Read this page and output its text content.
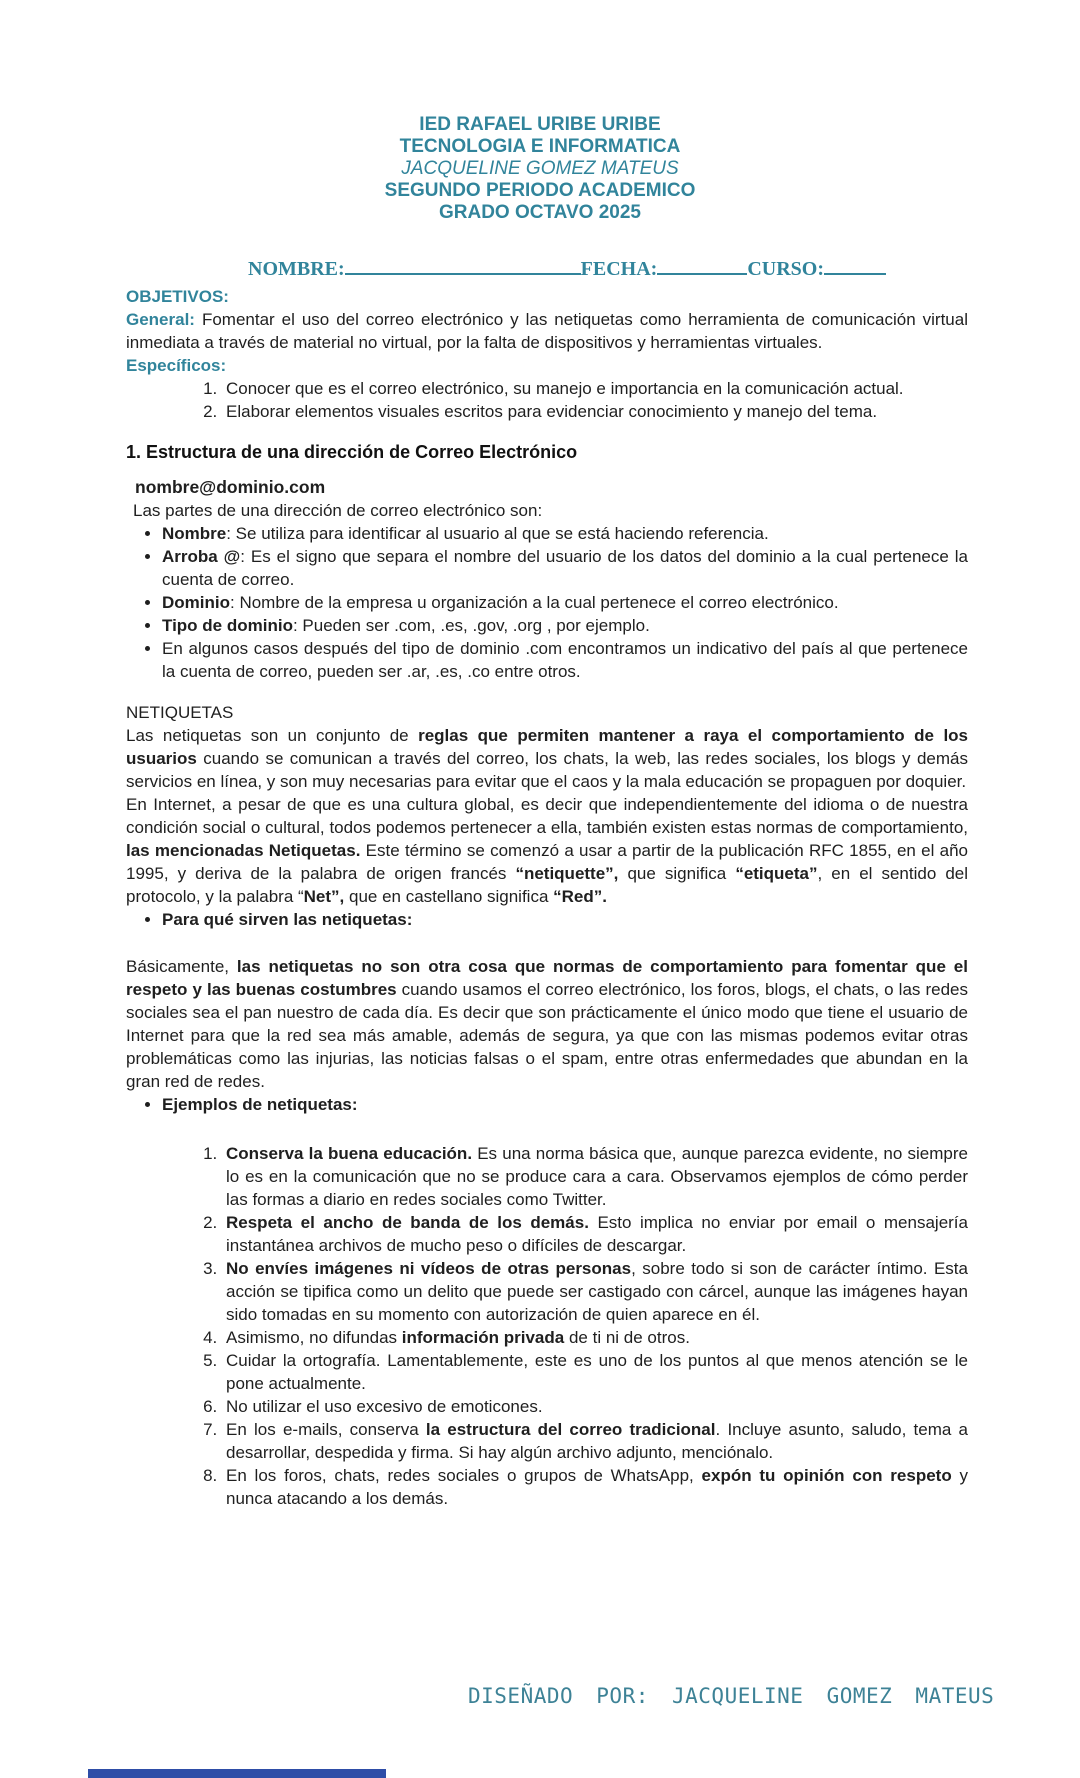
IED RAFAEL URIBE URIBE
TECNOLOGIA E INFORMATICA
JACQUELINE GOMEZ MATEUS
SEGUNDO PERIODO ACADEMICO
GRADO OCTAVO 2025
NOMBRE:	FECHA:	CURSO:
OBJETIVOS:

General: Fomentar el uso del correo electrónico y las netiquetas como herramienta de comunicación virtual inmediata a través de material no virtual, por la falta de dispositivos y herramientas virtuales.

Específicos:
1. Conocer que es el correo electrónico, su manejo e importancia en la comunicación actual.
2. Elaborar elementos visuales escritos para evidenciar conocimiento y manejo del tema.
1. Estructura de una dirección de Correo Electrónico
nombre@dominio.com
Las partes de una dirección de correo electrónico son:
• Nombre: Se utiliza para identificar al usuario al que se está haciendo referencia.
• Arroba @: Es el signo que separa el nombre del usuario de los datos del dominio a la cual pertenece la cuenta de correo.
• Dominio: Nombre de la empresa u organización a la cual pertenece el correo electrónico.
• Tipo de dominio: Pueden ser .com, .es, .gov, .org , por ejemplo.
• En algunos casos después del tipo de dominio .com encontramos un indicativo del país al que pertenece la cuenta de correo, pueden ser .ar, .es, .co entre otros.
NETIQUETAS

Las netiquetas son un conjunto de reglas que permiten mantener a raya el comportamiento de los usuarios cuando se comunican a través del correo, los chats, la web, las redes sociales, los blogs y demás servicios en línea, y son muy necesarias para evitar que el caos y la mala educación se propaguen por doquier.

En Internet, a pesar de que es una cultura global, es decir que independientemente del idioma o de nuestra condición social o cultural, todos podemos pertenecer a ella, también existen estas normas de comportamiento, las mencionadas Netiquetas. Este término se comenzó a usar a partir de la publicación RFC 1855, en el año 1995, y deriva de la palabra de origen francés “netiquette”, que significa “etiqueta”, en el sentido del protocolo, y la palabra “Net”, que en castellano significa “Red”.

• Para qué sirven las netiquetas:

Básicamente, las netiquetas no son otra cosa que normas de comportamiento para fomentar que el respeto y las buenas costumbres cuando usamos el correo electrónico, los foros, blogs, el chats, o las redes sociales sea el pan nuestro de cada día. Es decir que son prácticamente el único modo que tiene el usuario de Internet para que la red sea más amable, además de segura, ya que con las mismas podemos evitar otras problemáticas como las injurias, las noticias falsas o el spam, entre otras enfermedades que abundan en la gran red de redes.

• Ejemplos de netiquetas:
1. Conserva la buena educación. Es una norma básica que, aunque parezca evidente, no siempre lo es en la comunicación que no se produce cara a cara. Observamos ejemplos de cómo perder las formas a diario en redes sociales como Twitter.
2. Respeta el ancho de banda de los demás. Esto implica no enviar por email o mensajería instantánea archivos de mucho peso o difíciles de descargar.
3. No envíes imágenes ni vídeos de otras personas, sobre todo si son de carácter íntimo. Esta acción se tipifica como un delito que puede ser castigado con cárcel, aunque las imágenes hayan sido tomadas en su momento con autorización de quien aparece en él.
4. Asimismo, no difundas información privada de ti ni de otros.
5. Cuidar la ortografía. Lamentablemente, este es uno de los puntos al que menos atención se le pone actualmente.
6. No utilizar el uso excesivo de emoticones.
7. En los e-mails, conserva la estructura del correo tradicional. Incluye asunto, saludo, tema a desarrollar, despedida y firma. Si hay algún archivo adjunto, menciónalo.
8. En los foros, chats, redes sociales o grupos de WhatsApp, expón tu opinión con respeto y nunca atacando a los demás.
DISEÑADO POR: JACQUELINE GOMEZ MATEUS
